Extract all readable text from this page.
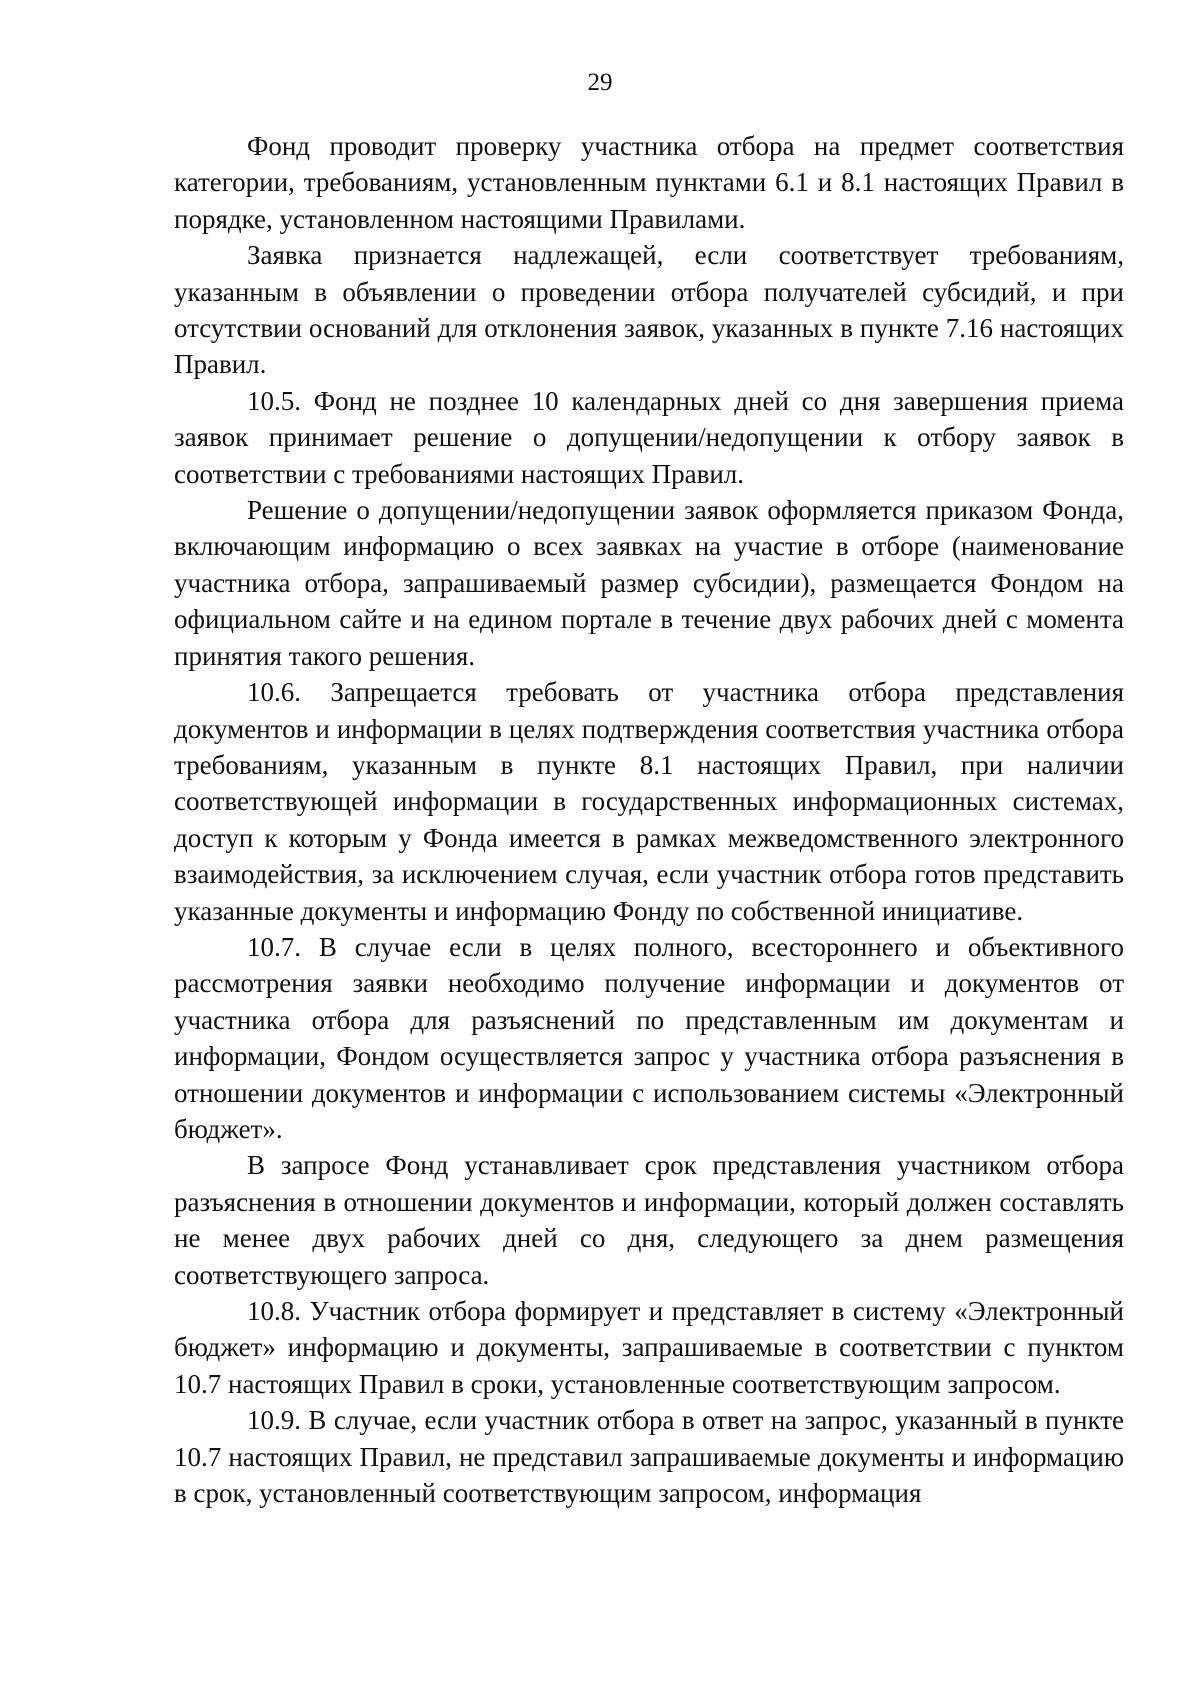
29

Фонд проводит проверку участника отбора на предмет соответствия категории, требованиям, установленным пунктами 6.1 и 8.1 настоящих Правил в порядке, установленном настоящими Правилами.

Заявка признается надлежащей, если соответствует требованиям, указанным в объявлении о проведении отбора получателей субсидий, и при отсутствии оснований для отклонения заявок, указанных в пункте 7.16 настоящих Правил.

10.5. Фонд не позднее 10 календарных дней со дня завершения приема заявок принимает решение о допущении/недопущении к отбору заявок в соответствии с требованиями настоящих Правил.

Решение о допущении/недопущении заявок оформляется приказом Фонда, включающим информацию о всех заявках на участие в отборе (наименование участника отбора, запрашиваемый размер субсидии), размещается Фондом на официальном сайте и на едином портале в течение двух рабочих дней с момента принятия такого решения.

10.6. Запрещается требовать от участника отбора представления документов и информации в целях подтверждения соответствия участника отбора требованиям, указанным в пункте 8.1 настоящих Правил, при наличии соответствующей информации в государственных информационных системах, доступ к которым у Фонда имеется в рамках межведомственного электронного взаимодействия, за исключением случая, если участник отбора готов представить указанные документы и информацию Фонду по собственной инициативе.

10.7. В случае если в целях полного, всестороннего и объективного рассмотрения заявки необходимо получение информации и документов от участника отбора для разъяснений по представленным им документам и информации, Фондом осуществляется запрос у участника отбора разъяснения в отношении документов и информации с использованием системы «Электронный бюджет».

В запросе Фонд устанавливает срок представления участником отбора разъяснения в отношении документов и информации, который должен составлять не менее двух рабочих дней со дня, следующего за днем размещения соответствующего запроса.

10.8. Участник отбора формирует и представляет в систему «Электронный бюджет» информацию и документы, запрашиваемые в соответствии с пунктом 10.7 настоящих Правил в сроки, установленные соответствующим запросом.

10.9. В случае, если участник отбора в ответ на запрос, указанный в пункте 10.7 настоящих Правил, не представил запрашиваемые документы и информацию в срок, установленный соответствующим запросом, информация
